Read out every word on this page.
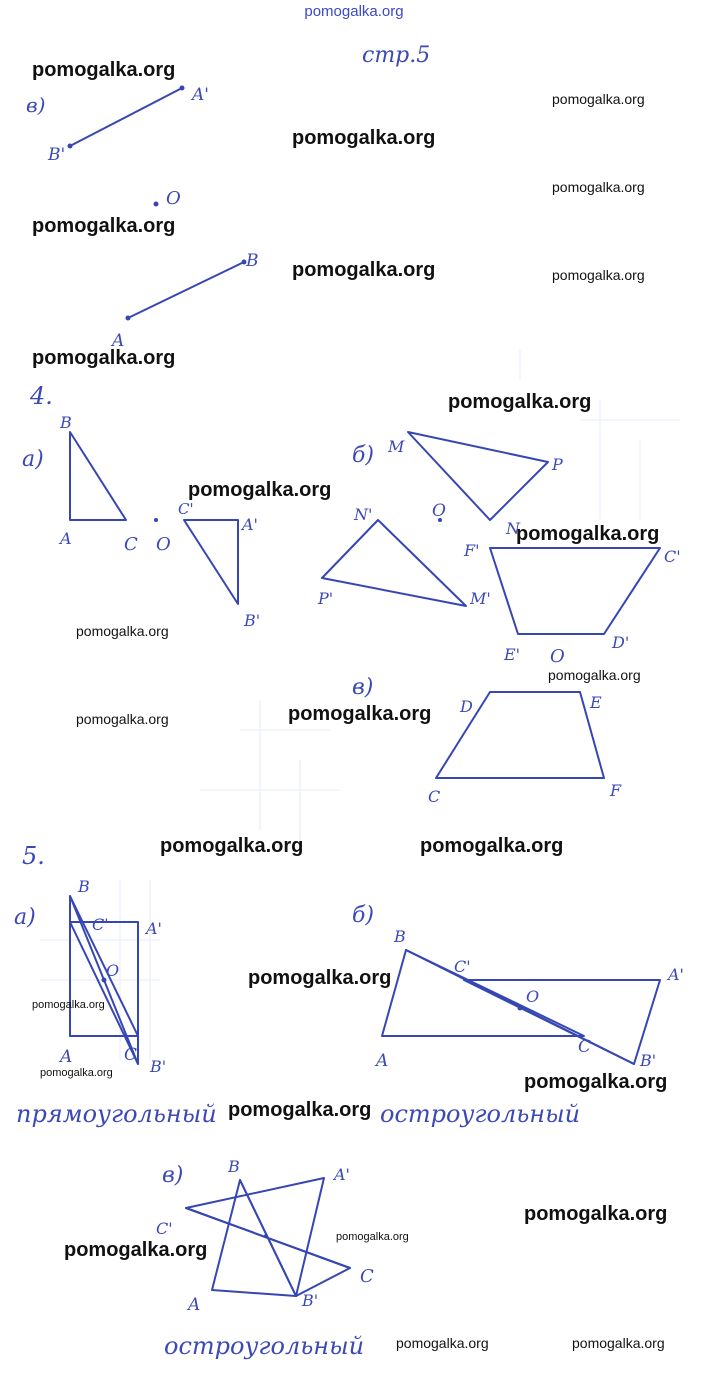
pomogalka.org
стр.5
в)	A'
B'
O
A
B
4.
а)
B
A	C O
C'
A'
B'
б) M
P
N
O
N'
P'	M'
F'	C'
E' O
D'
в)
D	E
C	F
5.
а)
B
C' A'
O
A	C
B'
б)
B
C'	A'
O
A
C
B'
прямоугольный	остроугольный
в)	B	A'
C'
A	B'
C
остроугольный
pomogalka.org
pomogalka.org
pomogalka.org
pomogalka.org
pomogalka.org
pomogalka.org	pomogalka.org
pomogalka.org
pomogalka.org
pomogalka.org
pomogalka.org
pomogalka.org
pomogalka.org
pomogalka.org
pomogalka.org
pomogalka.org	pomogalka.org
pomogalka.org
pomogalka.org
pomogalka.org	pomogalka.org
pomogalka.org
pomogalka.org
pomogalka.org
pomogalka.org
pomogalka.org	pomogalka.org
